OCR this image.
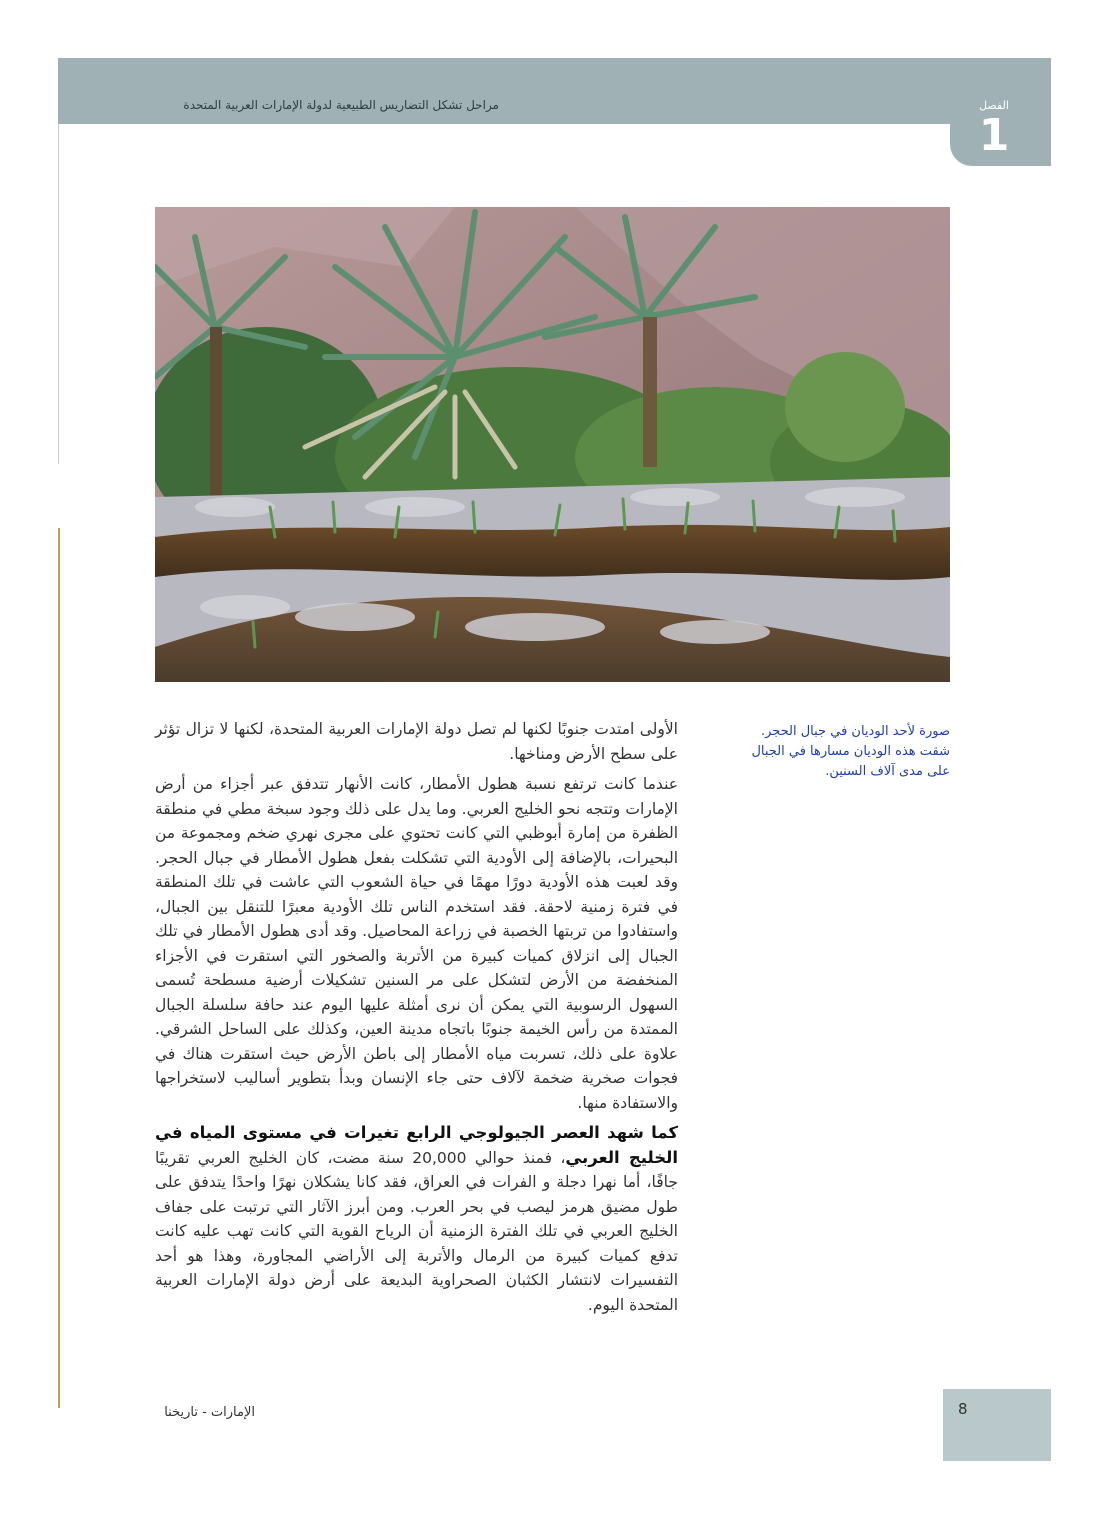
مراحل تشكل التضاريس الطبيعية لدولة الإمارات العربية المتحدة	الفصل
1
صورة لأحد الوديان في جبال الحجر.
شقت هذه الوديان مسارها في الجبال
على مدى آلاف السنين.

الأولى امتدت جنوبًا لكنها لم تصل دولة الإمارات العربية المتحدة، لكنها لا تزال تؤثر على سطح الأرض ومناخها.

عندما كانت ترتفع نسبة هطول الأمطار، كانت الأنهار تتدفق عبر أجزاء من أرض الإمارات وتتجه نحو الخليج العربي. وما يدل على ذلك وجود سبخة مطي في منطقة الظفرة من إمارة أبوظبي التي كانت تحتوي على مجرى نهري ضخم ومجموعة من البحيرات، بالإضافة إلى الأودية التي تشكلت بفعل هطول الأمطار في جبال الحجر. وقد لعبت هذه الأودية دورًا مهمًا في حياة الشعوب التي عاشت في تلك المنطقة في فترة زمنية لاحقة. فقد استخدم الناس تلك الأودية معبرًا للتنقل بين الجبال، واستفادوا من تربتها الخصبة في زراعة المحاصيل. وقد أدى هطول الأمطار في تلك الجبال إلى انزلاق كميات كبيرة من الأتربة والصخور التي استقرت في الأجزاء المنخفضة من الأرض لتشكل على مر السنين تشكيلات أرضية مسطحة تُسمى السهول الرسوبية التي يمكن أن نرى أمثلة عليها اليوم عند حافة سلسلة الجبال الممتدة من رأس الخيمة جنوبًا باتجاه مدينة العين، وكذلك على الساحل الشرقي. علاوة على ذلك، تسربت مياه الأمطار إلى باطن الأرض حيث استقرت هناك في فجوات صخرية ضخمة لآلاف حتى جاء الإنسان وبدأ بتطوير أساليب لاستخراجها والاستفادة منها.

كما شهد العصر الجيولوجي الرابع تغيرات في مستوى المياه في الخليج العربي، فمنذ حوالي 20,000 سنة مضت، كان الخليج العربي تقريبًا جافًا، أما نهرا دجلة و الفرات في العراق، فقد كانا يشكلان نهرًا واحدًا يتدفق على طول مضيق هرمز ليصب في بحر العرب. ومن أبرز الآثار التي ترتبت على جفاف الخليج العربي في تلك الفترة الزمنية أن الرياح القوية التي كانت تهب عليه كانت تدفع كميات كبيرة من الرمال والأتربة إلى الأراضي المجاورة، وهذا هو أحد التفسيرات لانتشار الكثبان الصحراوية البديعة على أرض دولة الإمارات العربية المتحدة اليوم.

8
الإمارات - تاريخنا
